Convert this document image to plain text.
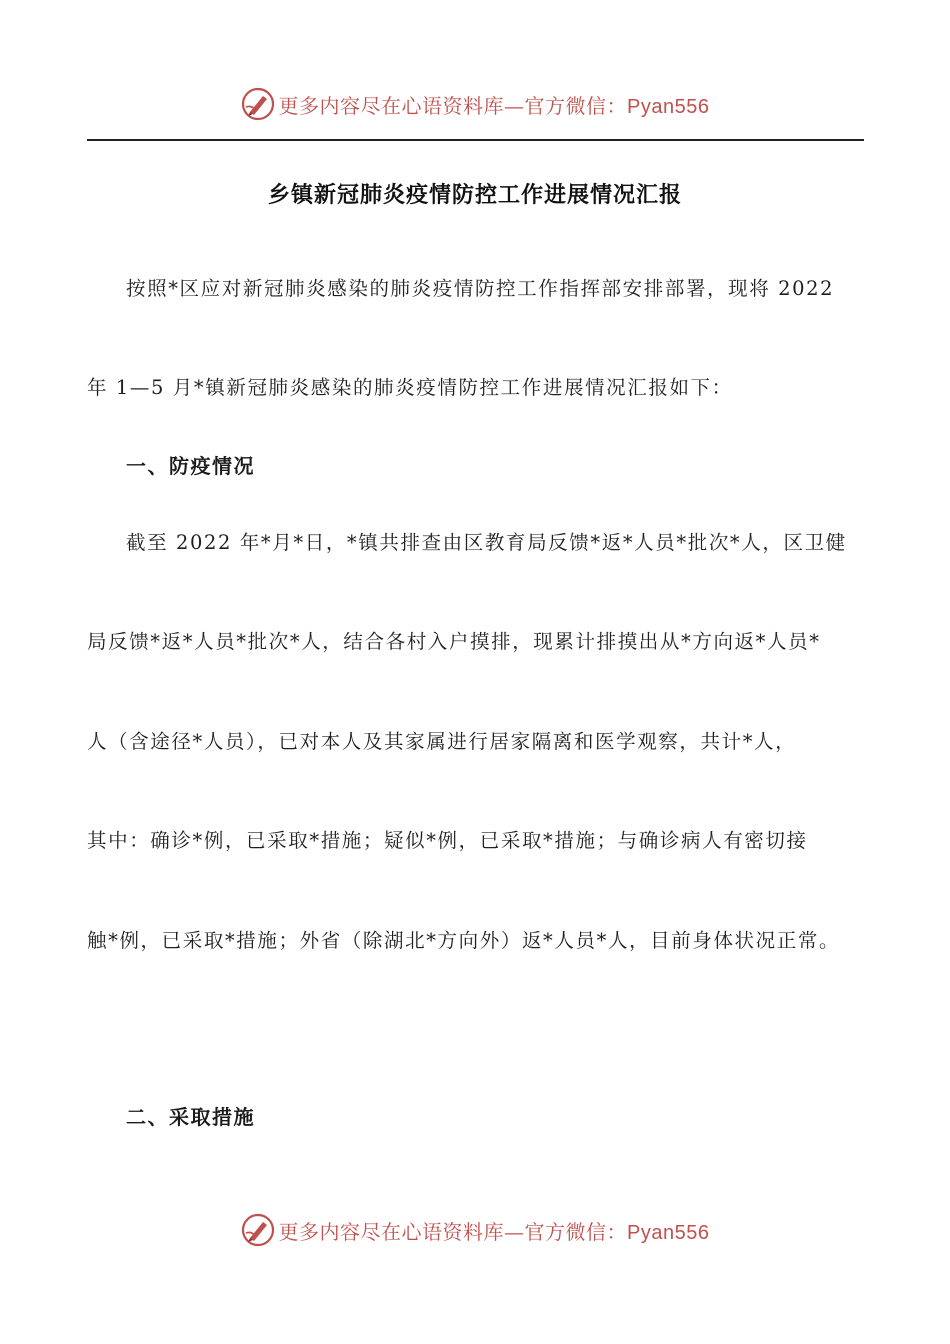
更多内容尽在心语资料库—官方微信：Pyan556
乡镇新冠肺炎疫情防控工作进展情况汇报
按照*区应对新冠肺炎感染的肺炎疫情防控工作指挥部安排部署，现将 2022
年 1—5 月*镇新冠肺炎感染的肺炎疫情防控工作进展情况汇报如下：
一、防疫情况
截至 2022 年*月*日，*镇共排查由区教育局反馈*返*人员*批次*人，区卫健
局反馈*返*人员*批次*人，结合各村入户摸排，现累计排摸出从*方向返*人员*
人（含途径*人员），已对本人及其家属进行居家隔离和医学观察，共计*人，
其中：确诊*例，已采取*措施；疑似*例，已采取*措施；与确诊病人有密切接
触*例，已采取*措施；外省（除湖北*方向外）返*人员*人，目前身体状况正常。
二、采取措施
更多内容尽在心语资料库—官方微信：Pyan556
